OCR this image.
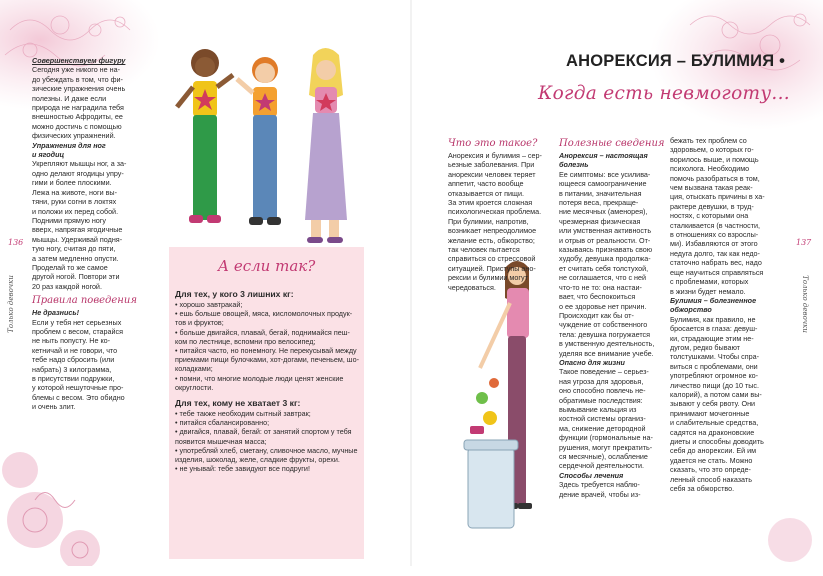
136
Только девочки
137
Только девочки
Совершенствуем фигуру
Сегодня уже никого не на-
до убеждать в том, что фи-
зические упражнения очень
полезны. И даже если
природа не наградила тебя
внешностью Афродиты, ее
можно достичь с помощью
физических упражнений.
Упражнения для ног
и ягодиц
Укрепляют мышцы ног, а за-
одно делают ягодицы упру-
гими и более плоскими.
Лежа на животе, ноги вы-
тяни, руки согни в локтях
и положи их перед собой.
Подними прямую ногу
вверх, напрягая ягодичные
мышцы. Удерживай подня-
тую ногу, считая до пяти,
а затем медленно опусти.
Проделай то же самое
другой ногой. Повтори эти
20 раз каждой ногой.
Правила поведения
Не дразнись!
Если у тебя нет серьезных
проблем с весом, старайся
не ныть попусту. Не ко-
кетничай и не говори, что
тебе надо сбросить (или
набрать) 3 килограмма,
в присутствии подружки,
у которой нешуточные про-
блемы с весом. Это обидно
и очень злит.
А если так?
Для тех, у кого 3 лишних кг:
• хорошо завтракай;
• ешь больше овощей, мяса, кисломолочных продук-
тов и фруктов;
• больше двигайся, плавай, бегай, поднимайся пеш-
ком по лестнице, вспомни про велосипед;
• питайся часто, но понемногу. Не перекусывай между
приемами пищи булочками, хот-догами, печеньем, шо-
коладками;
• помни, что многие молодые люди ценят женские
округлости.
Для тех, кому не хватает 3 кг:
• тебе также необходим сытный завтрак;
• питайся сбалансированно;
• двигайся, плавай, бегай: от занятий спортом у тебя
появится мышечная масса;
• употребляй хлеб, сметану, сливочное масло, мучные
изделия, шоколад, желе, сладкие фрукты, орехи.
• не унывай: тебе завидуют все подруги!
АНОРЕКСИЯ – БУЛИМИЯ •
Когда есть невмоготу...
Что это такое?
Анорексия и булимия – сер-
ьезные заболевания. При
анорексии человек теряет
аппетит, часто вообще
отказывается от пищи.
За этим кроется сложная
психологическая проблема.
При булимии, напротив,
возникает непреодолимое
желание есть, обжорство;
так человек пытается
справиться со стрессовой
ситуацией. Приступы ано-
рексии и булимии могут
чередоваться.
Полезные сведения
Анорексия – настоящая
болезнь
Ее симптомы: все усилива-
ющееся самоограничение
в питании, значительная
потеря веса, прекраще-
ние месячных (аменорея),
чрезмерная физическая
или умственная активность
и отрыв от реальности. От-
казываясь признавать свою
худобу, девушка продолжа-
ет считать себя толстухой,
не соглашается, что с ней
что-то не то: она настаи-
вает, что беспокоиться
о ее здоровье нет причин.
Происходит как бы от-
чуждение от собственного
тела: девушка погружается
в умственную деятельность,
уделяя все внимание учебе.
Опасно для жизни
Такое поведение – серьез-
ная угроза для здоровья,
оно способно повлечь не-
обратимые последствия:
вымывание кальция из
костной системы организ-
ма, снижение детородной
функции (гормональные на-
рушения, могут прекратить-
ся месячные), ослабление
сердечной деятельности.
Способы лечения
Здесь требуется наблю-
дение врачей, чтобы из-
бежать тех проблем со
здоровьем, о которых го-
ворилось выше, и помощь
психолога. Необходимо
помочь разобраться в том,
чем вызвана такая реак-
ция, отыскать причины в ха-
рактере девушки, в труд-
ностях, с которыми она
сталкивается (в частности,
в отношениях со взрослы-
ми). Избавляются от этого
недуга долго, так как недо-
статочно набрать вес, надо
еще научиться справляться
с проблемами, которых
в жизни будет немало.
Булимия – болезненное
обжорство
Булимия, как правило, не
бросается в глаза: девуш-
ки, страдающие этим не-
дугом, редко бывают
толстушками. Чтобы спра-
виться с проблемами, они
употребляют огромное ко-
личество пищи (до 10 тыс.
калорий), а потом сами вы-
зывают у себя рвоту. Они
принимают мочегонные
и слабительные средства,
садятся на драконовские
диеты и способны доводить
себя до анорексии. Ей им
удается не стать. Можно
сказать, что это опреде-
ленный способ наказать
себя за обжорство.
